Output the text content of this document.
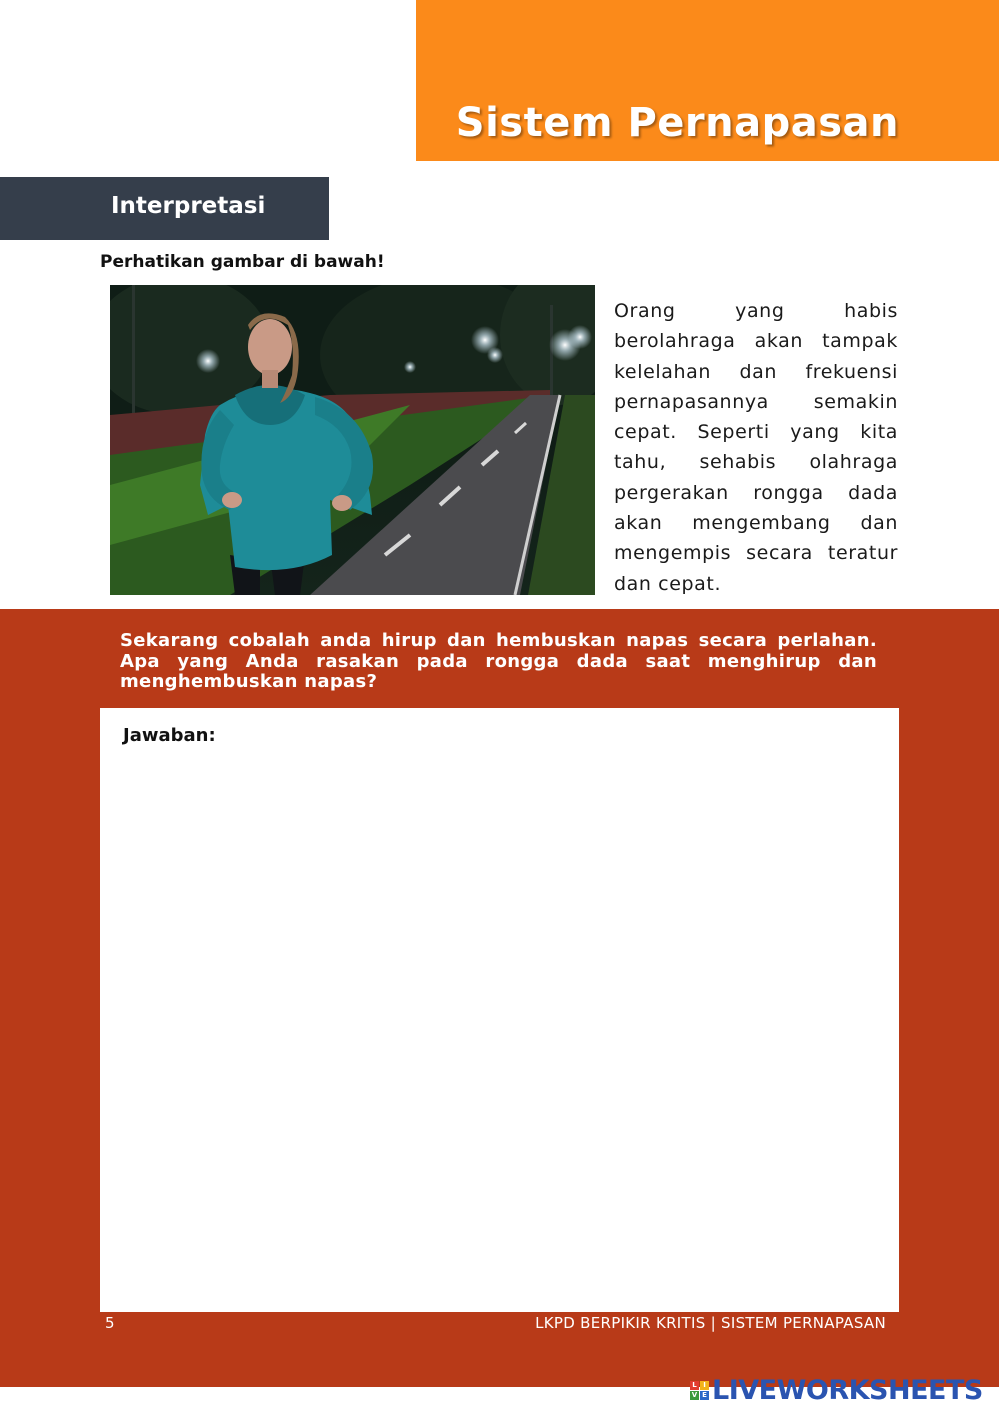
Sistem Pernapasan
Interpretasi
Perhatikan gambar di bawah!
Orang yang habis berolahraga akan tampak kelelahan dan frekuensi pernapasannya semakin cepat. Seperti yang kita tahu, sehabis olahraga pergerakan rongga dada akan mengembang dan mengempis secara teratur dan cepat.
Sekarang cobalah anda hirup dan hembuskan napas secara perlahan. Apa yang Anda rasakan pada rongga dada saat menghirup dan menghembuskan napas?
Jawaban:
5	LKPD BERPIKIR KRITIS | SISTEM PERNAPASAN
L I
V E LIVEWORKSHEETS
